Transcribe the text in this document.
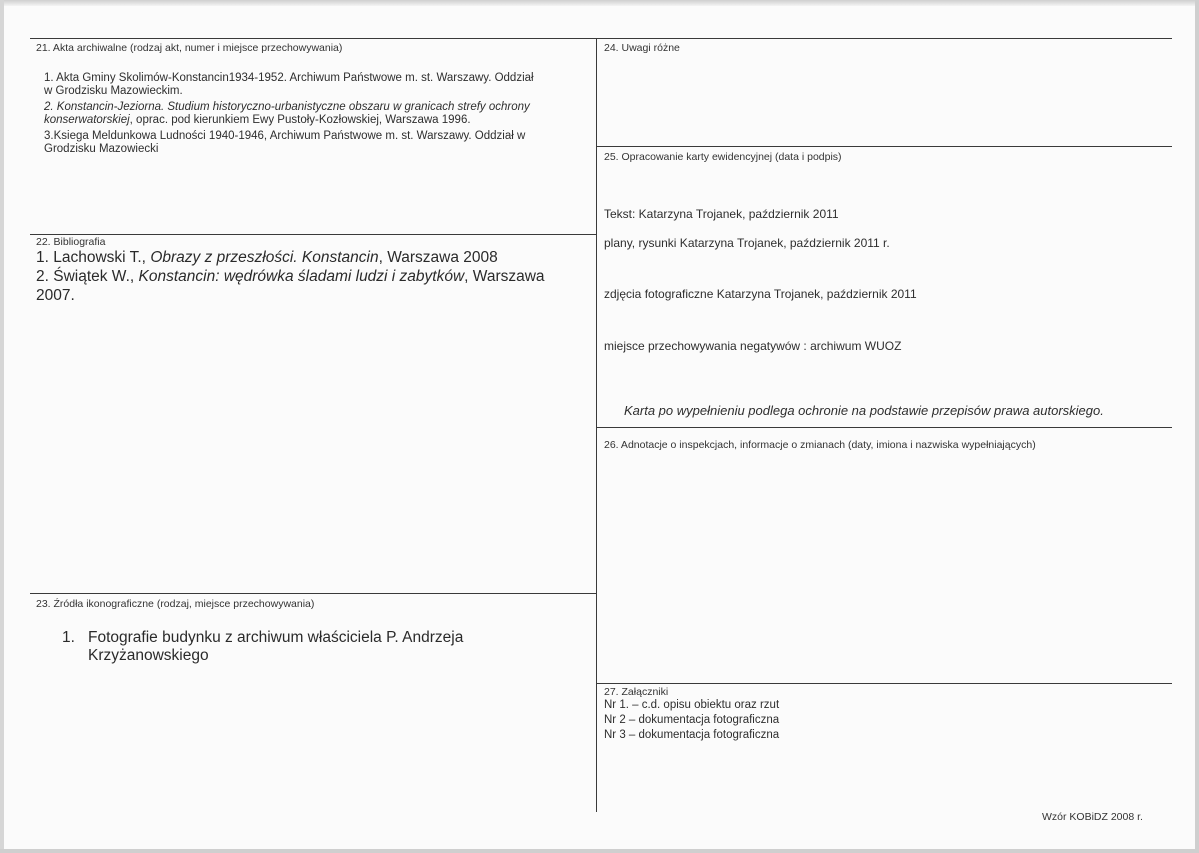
21. Akta archiwalne (rodzaj akt, numer i miejsce przechowywania)
1. Akta Gminy Skolimów-Konstancin1934-1952. Archiwum Państwowe m. st. Warszawy. Oddział
w Grodzisku Mazowieckim.
2. Konstancin-Jeziorna. Studium historyczno-urbanistyczne obszaru w granicach strefy ochrony
konserwatorskiej, oprac. pod kierunkiem Ewy Pustoły-Kozłowskiej, Warszawa 1996.
3.Ksiega Meldunkowa Ludności 1940-1946, Archiwum Państwowe m. st. Warszawy. Oddział w
Grodzisku Mazowiecki
22. Bibliografia
1. Lachowski T., Obrazy z przeszłości. Konstancin, Warszawa 2008
2. Świątek W., Konstancin: wędrówka śladami ludzi i zabytków, Warszawa
2007.
23. Źródła ikonograficzne (rodzaj, miejsce przechowywania)
1. Fotografie budynku z archiwum właściciela P. Andrzeja
Krzyżanowskiego
24. Uwagi różne
25. Opracowanie karty ewidencyjnej (data i podpis)
Tekst: Katarzyna Trojanek, październik 2011
plany, rysunki Katarzyna Trojanek, październik 2011 r.
zdjęcia fotograficzne Katarzyna Trojanek, październik 2011
miejsce przechowywania negatywów : archiwum WUOZ
Karta po wypełnieniu podlega ochronie na podstawie przepisów prawa autorskiego.
26. Adnotacje o inspekcjach, informacje o zmianach (daty, imiona i nazwiska wypełniających)
27. Załączniki
Nr 1. – c.d. opisu obiektu oraz rzut
Nr 2 – dokumentacja fotograficzna
Nr 3 – dokumentacja fotograficzna
Wzór KOBiDZ 2008 r.
